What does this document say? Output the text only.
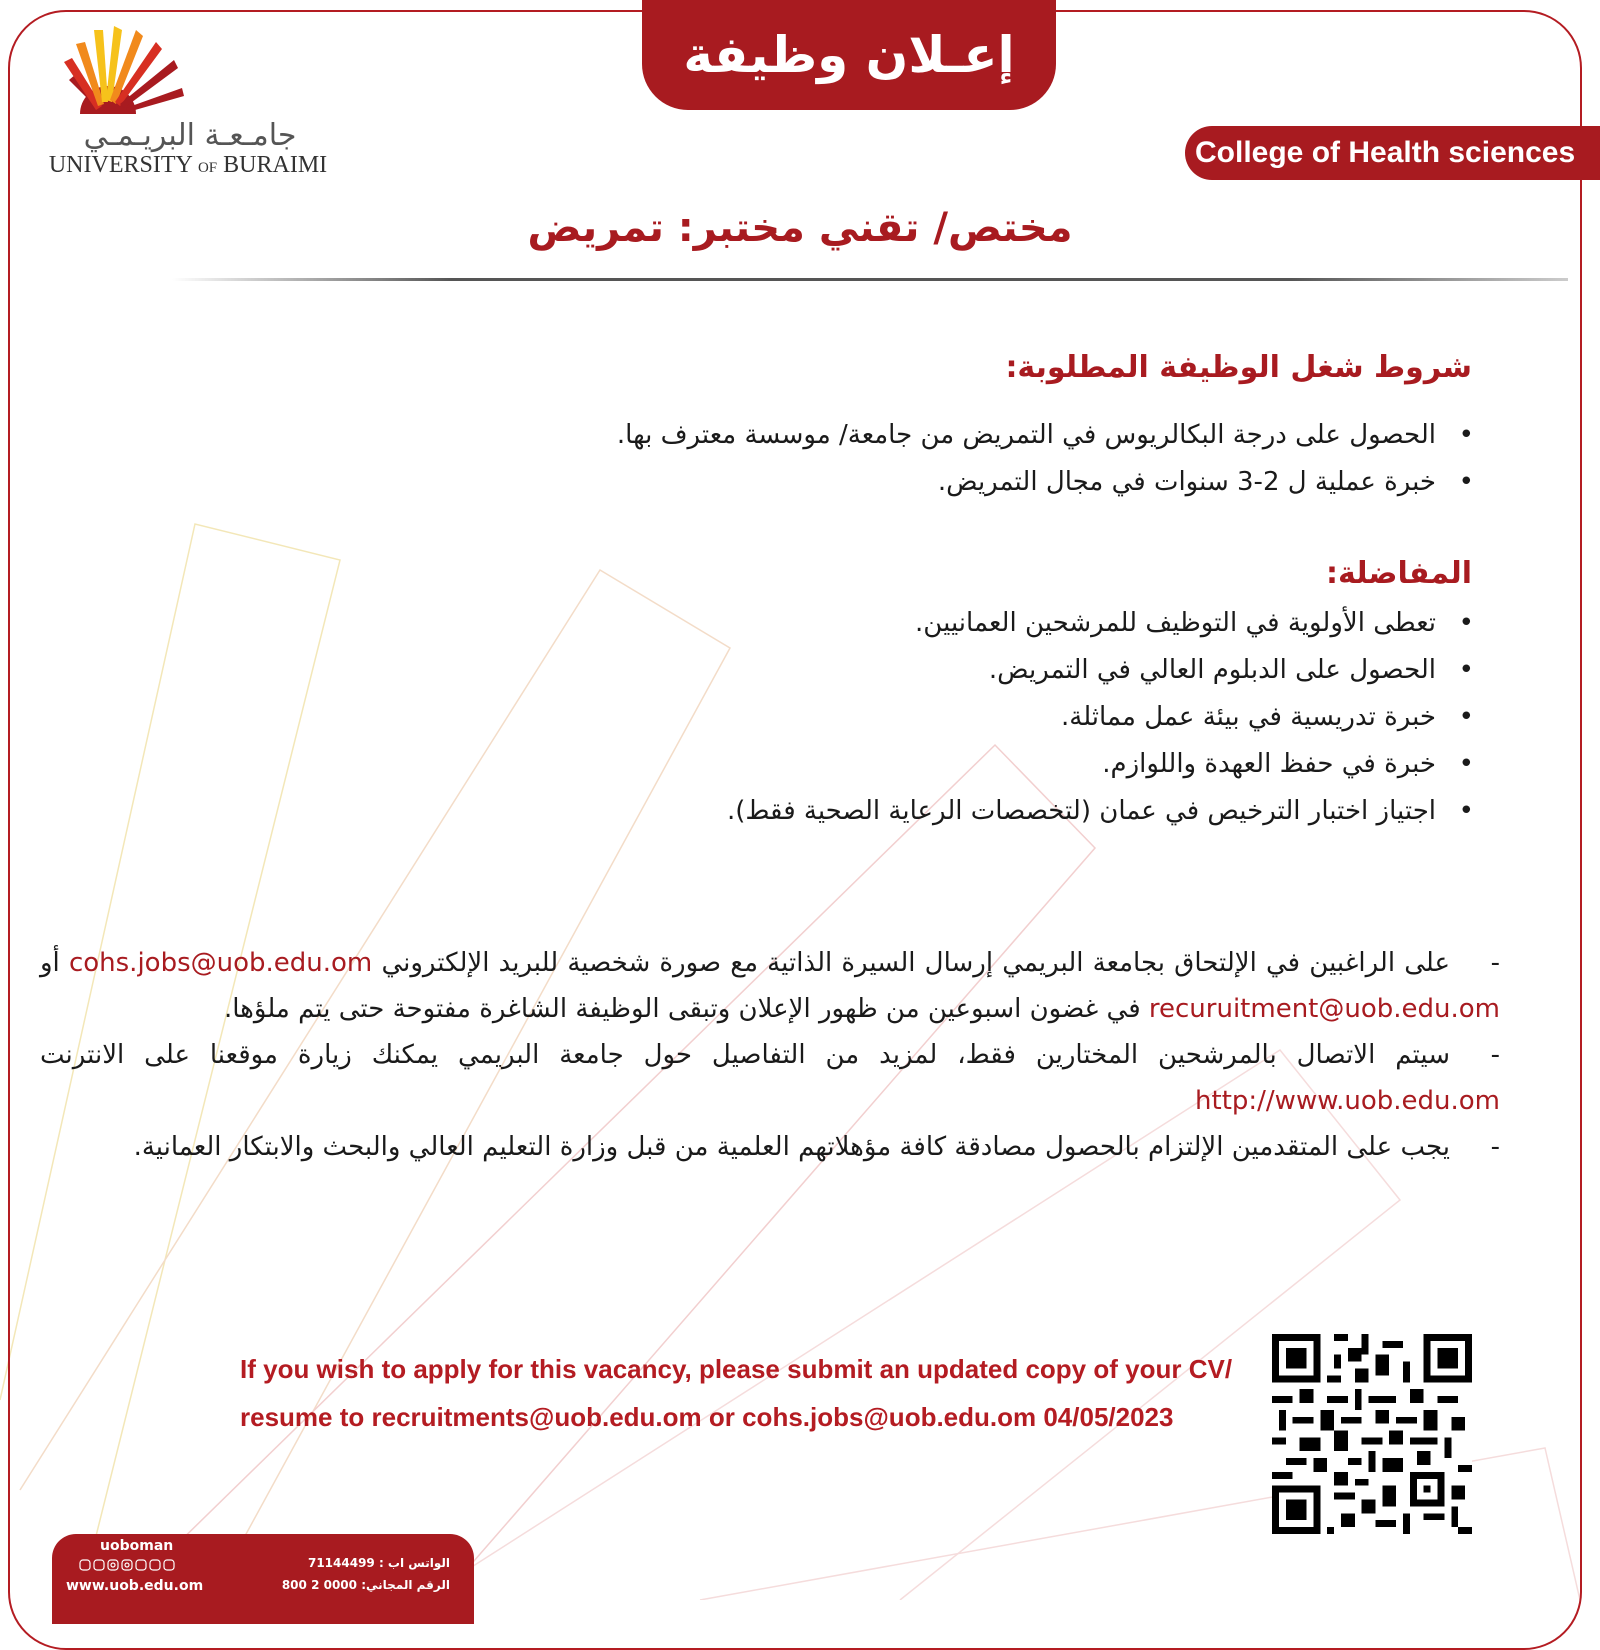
إعـلان وظيفة
College of Health sciences
جامـعـة البريـمـي
UNIVERSITY OF BURAIMI
مختص/ تقني مختبر: تمريض
شروط شغل الوظيفة المطلوبة:
• الحصول على درجة البكالريوس في التمريض من جامعة/ موسسة معترف بها.
• خبرة عملية ل 2-3 سنوات في مجال التمريض.
المفاضلة:
• تعطى الأولوية في التوظيف للمرشحين العمانيين.
• الحصول على الدبلوم العالي في التمريض.
• خبرة تدريسية في بيئة عمل مماثلة.
• خبرة في حفظ العهدة واللوازم.
• اجتياز اختبار الترخيص في عمان (لتخصصات الرعاية الصحية فقط).

-على الراغبين في الإلتحاق بجامعة البريمي إرسال السيرة الذاتية مع صورة شخصية للبريد الإلكتروني cohs.jobs@uob.edu.om أو recuruitment@uob.edu.om في غضون اسبوعين من ظهور الإعلان وتبقى الوظيفة الشاغرة مفتوحة حتى يتم ملؤها.

-سيتم الاتصال بالمرشحين المختارين فقط، لمزيد من التفاصيل حول جامعة البريمي يمكنك زيارة موقعنا على الانترنت http://www.uob.edu.om

-يجب على المتقدمين الإلتزام بالحصول مصادقة كافة مؤهلاتهم العلمية من قبل وزارة التعليم العالي والبحث والابتكار العمانية.

If you wish to apply for this vacancy, please submit an updated copy of your CV/
resume to recruitments@uob.edu.om or cohs.jobs@uob.edu.om 04/05/2023
uoboman
www.uob.edu.om
الواتس اب : 71144499
الرقم المجاني: 0000 2 800
